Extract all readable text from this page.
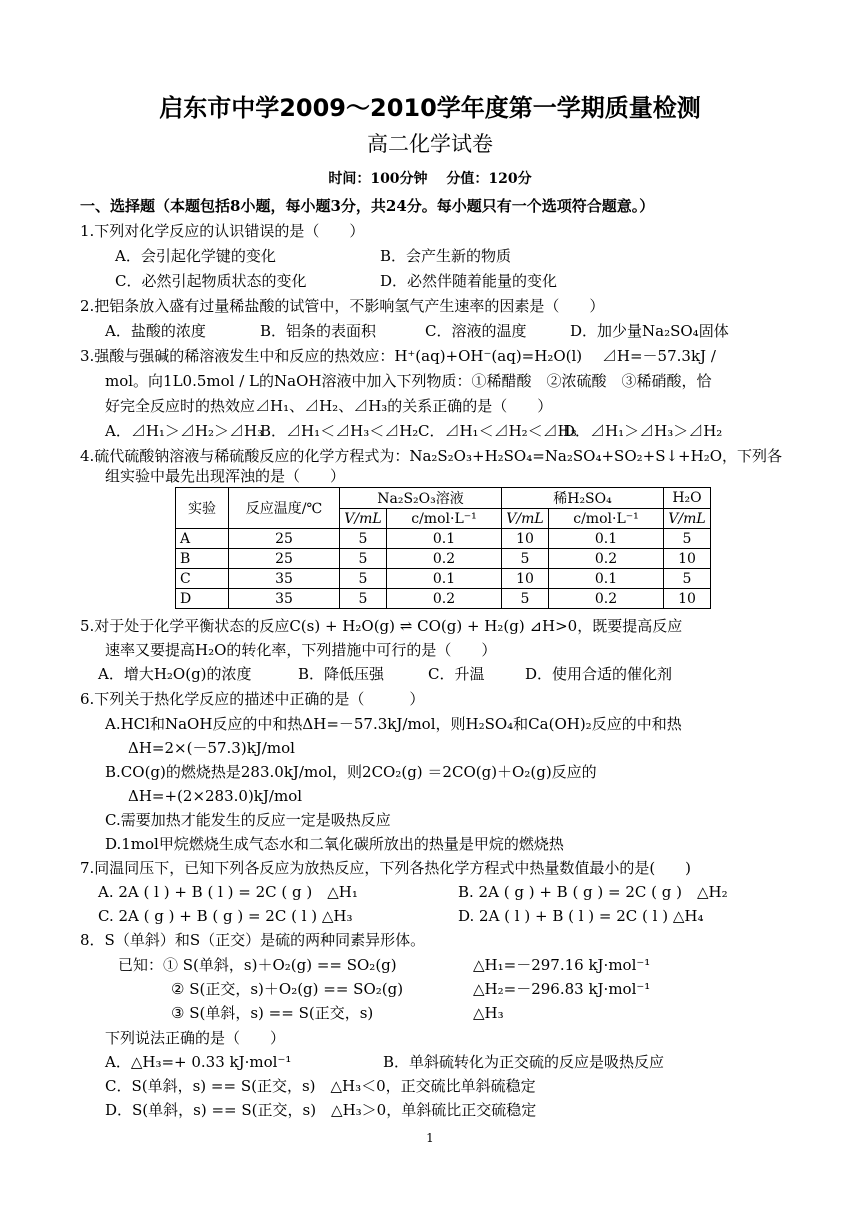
启东市中学2009～2010学年度第一学期质量检测
高二化学试卷
时间：100分钟　 分值：120分
一、选择题（本题包括8小题，每小题3分，共24分。每小题只有一个选项符合题意。）
1.下列对化学反应的认识错误的是（　　）
A．会引起化学键的变化	B．会产生新的物质
C．必然引起物质状态的变化	D．必然伴随着能量的变化
2.把铝条放入盛有过量稀盐酸的试管中，不影响氢气产生速率的因素是（　　）
A．盐酸的浓度	B．铝条的表面积	C．溶液的温度	D．加少量Na₂SO₄固体
3.强酸与强碱的稀溶液发生中和反应的热效应：H⁺(aq)+OH⁻(aq)=H₂O(l)　 ⊿H=－57.3kJ /
mol。向1L0.5mol / L的NaOH溶液中加入下列物质：①稀醋酸　②浓硫酸　③稀硝酸，恰
好完全反应时的热效应⊿H₁、⊿H₂、⊿H₃的关系正确的是（　　）
A．⊿H₁＞⊿H₂＞⊿H₃
B．⊿H₁＜⊿H₃＜⊿H₂ C．⊿H₁＜⊿H₂＜⊿H₃
D．⊿H₁＞⊿H₃＞⊿H₂
4.硫代硫酸钠溶液与稀硫酸反应的化学方程式为：Na₂S₂O₃+H₂SO₄=Na₂SO₄+SO₂+S↓+H₂O，下列各
组实验中最先出现浑浊的是（　　）
实验	反应温度/℃	Na₂S₂O₃溶液		稀H₂SO₄		H₂O
		V/mL	c/mol·L⁻¹	V/mL	c/mol·L⁻¹	V/mL
A	25	5	0.1	10	0.1	5
B	25	5	0.2	5	0.2	10
C	35	5	0.1	10	0.1	5
D	35	5	0.2	5	0.2	10
5.对于处于化学平衡状态的反应C(s) + H₂O(g) ⇌ CO(g) + H₂(g) ⊿H>0，既要提高反应
速率又要提高H₂O的转化率，下列措施中可行的是（　　）
A．增大H₂O(g)的浓度	B．降低压强	C．升温	D．使用合适的催化剂
6.下列关于热化学反应的描述中正确的是（　　　）
A.HCl和NaOH反应的中和热ΔH=－57.3kJ/mol，则H₂SO₄和Ca(OH)₂反应的中和热
ΔH=2×(－57.3)kJ/mol
B.CO(g)的燃烧热是283.0kJ/mol，则2CO₂(g) ＝2CO(g)＋O₂(g)反应的
ΔH=+(2×283.0)kJ/mol
C.需要加热才能发生的反应一定是吸热反应
D.1mol甲烷燃烧生成气态水和二氧化碳所放出的热量是甲烷的燃烧热
7.同温同压下，已知下列各反应为放热反应，下列各热化学方程式中热量数值最小的是(　　)
A. 2A ( l ) + B ( l ) = 2C ( g )　△H₁	B. 2A ( g ) + B ( g ) = 2C ( g )　△H₂
C. 2A ( g ) + B ( g ) = 2C ( l ) △H₃	D. 2A ( l ) + B ( l ) = 2C ( l ) △H₄
8．S（单斜）和S（正交）是硫的两种同素异形体。
已知：① S(单斜，s)＋O₂(g) == SO₂(g)	△H₁=－297.16 kJ·mol⁻¹
② S(正交，s)＋O₂(g) == SO₂(g)	△H₂=－296.83 kJ·mol⁻¹
③ S(单斜，s) == S(正交，s)	△H₃
下列说法正确的是（　　）
A．△H₃=+ 0.33 kJ·mol⁻¹	B．单斜硫转化为正交硫的反应是吸热反应
C．S(单斜，s) == S(正交，s)　△H₃＜0，正交硫比单斜硫稳定
D．S(单斜，s) == S(正交，s)　△H₃＞0，单斜硫比正交硫稳定
1
